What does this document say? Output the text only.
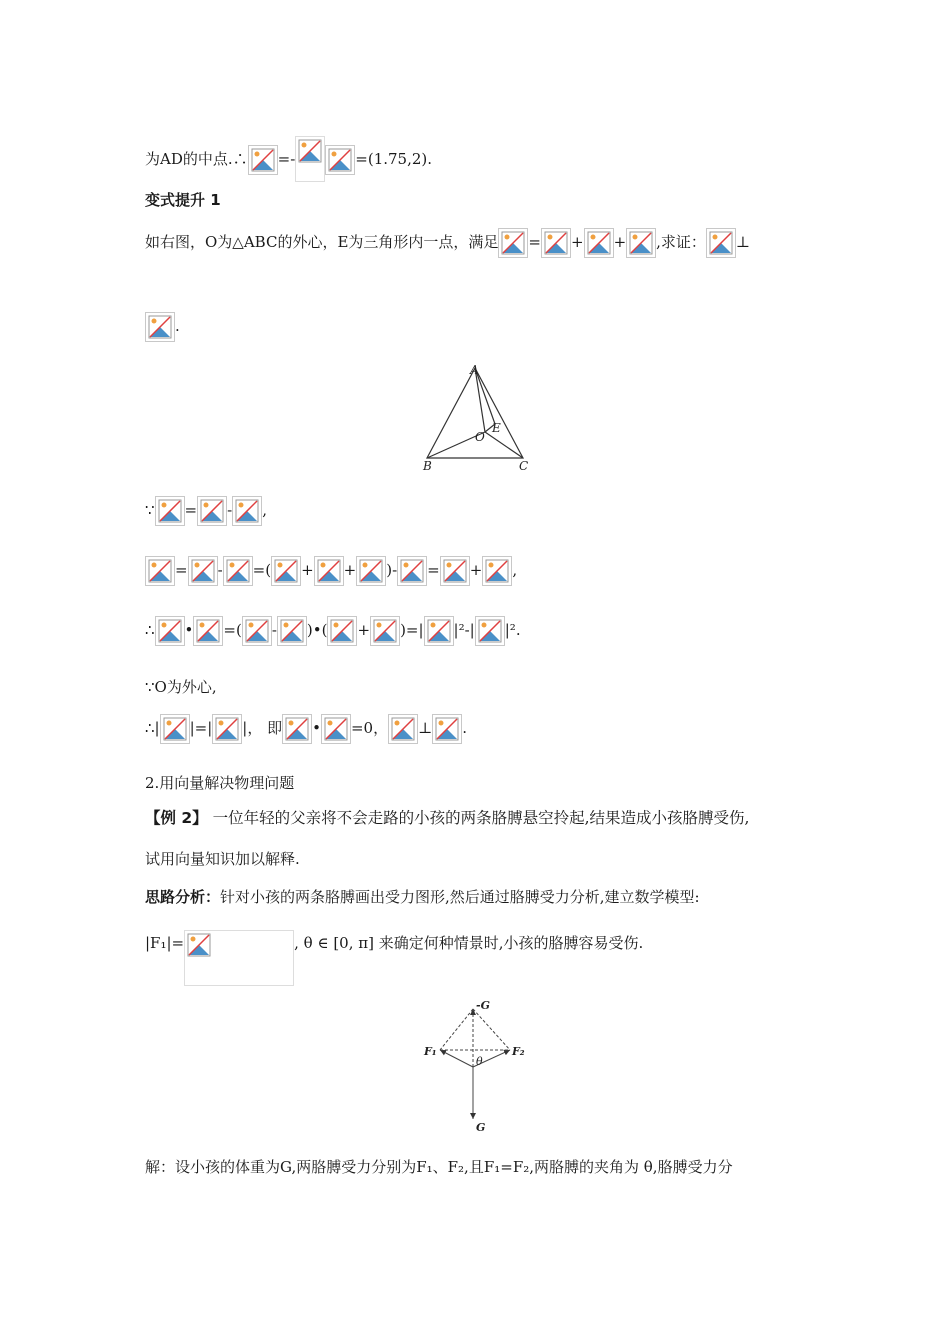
为AD的中点.∴ =-	=(1.75,2).
变式提升 1
如右图，O为△ABC的外心，E为三角形内一点，满足 = + + ,求证： ⊥
.
A
B	C
O
E
∵ = - ,
= - =( + + )- = + ,
∴ • =( - )•( + )=| |²-| |².
∵O为外心,
∴| |=| |， 即 • =0， ⊥ .
2.用向量解决物理问题
【例 2】 一位年轻的父亲将不会走路的小孩的两条胳膊悬空拎起,结果造成小孩胳膊受伤,
试用向量知识加以解释.
思路分析：针对小孩的两条胳膊画出受力图形,然后通过胳膊受力分析,建立数学模型:
|F₁|=	, θ ∈ [0, π] 来确定何种情景时,小孩的胳膊容易受伤.
-G
F₁	F₂
θ
G
解：设小孩的体重为G,两胳膊受力分别为F₁、F₂,且F₁=F₂,两胳膊的夹角为 θ,胳膊受力分
